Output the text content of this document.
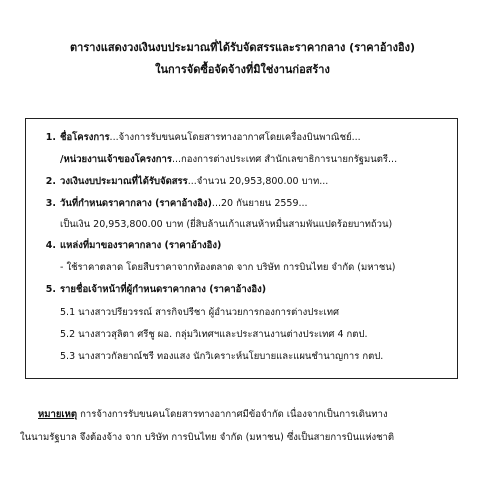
ตารางแสดงวงเงินงบประมาณที่ได้รับจัดสรรและราคากลาง (ราคาอ้างอิง)
ในการจัดซื้อจัดจ้างที่มิใช่งานก่อสร้าง
1. ชื่อโครงการ...จ้างการรับขนคนโดยสารทางอากาศโดยเครื่องบินพาณิชย์...
/หน่วยงานเจ้าของโครงการ...กองการต่างประเทศ สำนักเลขาธิการนายกรัฐมนตรี...
2. วงเงินงบประมาณที่ได้รับจัดสรร...จำนวน 20,953,800.00 บาท...
3. วันที่กำหนดราคากลาง (ราคาอ้างอิง)...20 กันยายน 2559...
เป็นเงิน 20,953,800.00 บาท (ยี่สิบล้านเก้าแสนห้าหมื่นสามพันแปดร้อยบาทถ้วน)
4. แหล่งที่มาของราคากลาง (ราคาอ้างอิง)
- ใช้ราคาตลาด โดยสืบราคาจากท้องตลาด จาก บริษัท การบินไทย จำกัด (มหาชน)
5. รายชื่อเจ้าหน้าที่ผู้กำหนดราคากลาง (ราคาอ้างอิง)
5.1 นางสาวปรียวรรณ์ สารกิจปรีชา ผู้อำนวยการกองการต่างประเทศ
5.2 นางสาวสุลิตา ศรีชู ผอ. กลุ่มวิเทศฯและประสานงานต่างประเทศ 4 กตป.
5.3 นางสาวกัลยาณ์ชรี ทองแสง นักวิเคราะห์นโยบายและแผนชำนาญการ กตป.
หมายเหตุ การจ้างการรับขนคนโดยสารทางอากาศมีข้อจำกัด เนื่องจากเป็นการเดินทาง
ในนามรัฐบาล จึงต้องจ้าง จาก บริษัท การบินไทย จำกัด (มหาชน) ซึ่งเป็นสายการบินแห่งชาติ
